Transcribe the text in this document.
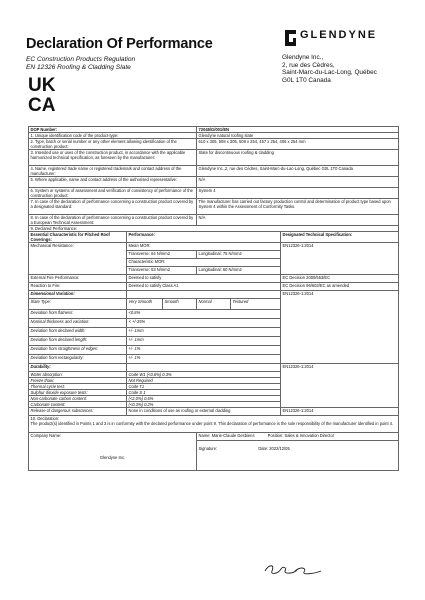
Declaration Of Performance
EC Construction Products Regulation
EN 12326 Roofing & Cladding Slate
UK
CA
GLENDYNE
Glendyne Inc.,
2, rue des Cèdres,
Saint-Marc-du-Lac-Long, Québec
G0L 1T0 Canada
DOP Number:			72045/G/001/EN		
1. Unique identification code of the product-type:			Glendyne natural roofing slate		
2. Type, batch or serial number or any other element allowing identification of the construction product:			610 x 305, 508 x 305, 508 x 254, 457 x 254, 406 x 254 mm		
3. Intended use or uses of the construction product, in accordance with the applicable harmonized technical specification, as foreseen by the manufacturer:			Slate for discontinuous roofing & cladding		
4. Name, registered trade name or registered trademark and contact address of the manufacturer:			Glendyne Inc.,2, rue des Cèdres, Saint-Marc-du-Lac-Long, Québec G0L 1T0 Canada		
5. Where applicable, name and contact address of the authorised representative:			N/A		
6. System or systems of assessment and verification of consistency of performance of the construction product:			System 4		
7. In case of the declaration of performance concerning a construction product covered by a designated standard:			The manufacturer has carried out factory production control and determination of product type based upon System 4 within the Assessment of Conformity Tasks.		
8. In case of the declaration of performance concerning a construction product covered by a European Technical Assessment:			N/A		
9. Declared Performance:					
Essential Characteristic for Pitched Roof Coverings:	Performance:				Designated Technical Specification:
Mechanical Resistance:	Mean MOR:				EN12326-1:2014
	Transverse: 64 N/mm2		Longitudinal: 75 N/mm2		
	Characteristic MOR:				
	Transverse: 53 N/mm2		Longitudinal: 60 N/mm2		
External Fire Performance:	Deemed to satisfy				EC Decision 2000/553/EC
Reaction to Fire:	Deemed to satisfy Class A1				EC Decision 96/603/EC as amended
Dimensional Variation:					EN12326-1:2014
Slate Type:	Very Smooth	Smooth	Normal	Textured	
Deviation from flatness:	<0.8%				
Nominal thickness and variation:	< +/-35%				
Deviation from declared width:	+/- 1mm				
Deviation from declared length:	+/- 1mm				
Deviation from straightness of edges:	+/- 1%				
Deviation from rectangularity:	+/- 1%				
Durability:					EN12326-1:2014
Water absorption:	Code W1 (<0.6%) 0.3%				
Freeze thaw:	Not Required				
Thermal cycle test:	Code T1				
Sulphur dioxide exposure tests:	Code S 1				
Non-carbonate carbon content:	(<2.0%) 0.6%				
Carbonate content:	(<0.3%) 0.2%				
Release of dangerous substances:	None in conditions of use as roofing or external cladding				EN12326-1:2014

10. Declaration:
The product(s) identified in Points 1 and 3 is in conformity with the declared performance under point 9. This declaration of performance is the sole responsibility of the manufacturer identified in point 4.					

Company Name:
Glendyne Inc.			Name: Marie-Claude Desbiens Position: Sales & Innovation Director		
			Signature: Date: 2022/12/05		
